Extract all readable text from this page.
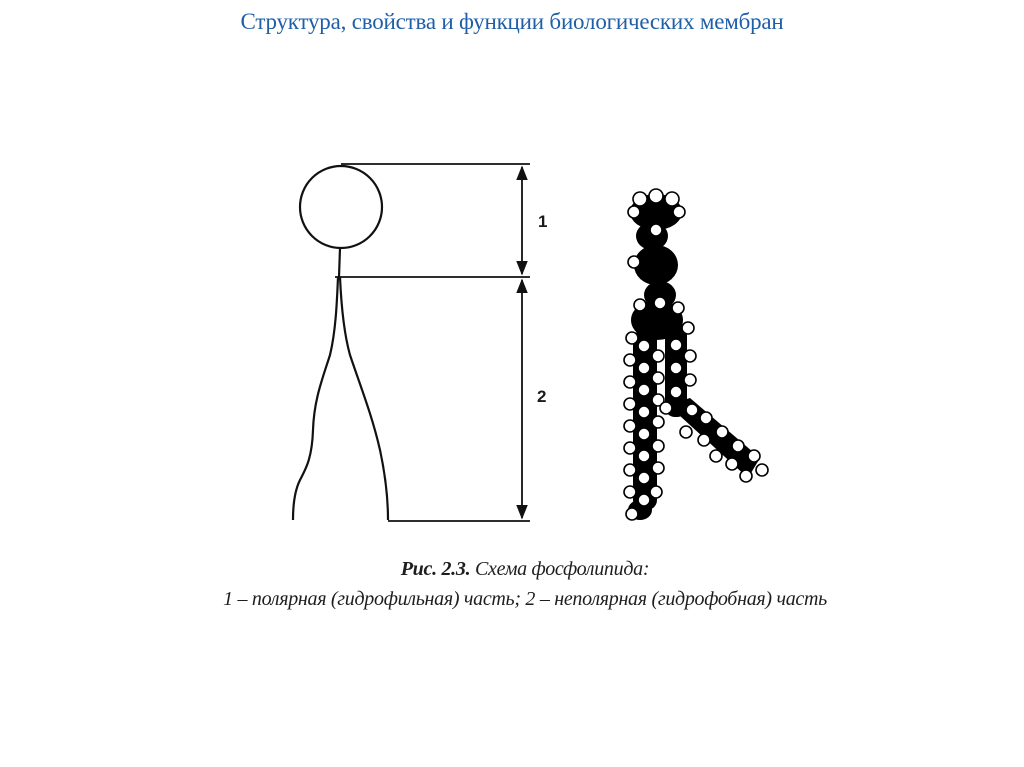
Структура, свойства и функции биологических мембран
1
2
Рис. 2.3. Схема фосфолипида:
1 – полярная (гидрофильная) часть; 2 – неполярная (гидрофобная) часть
